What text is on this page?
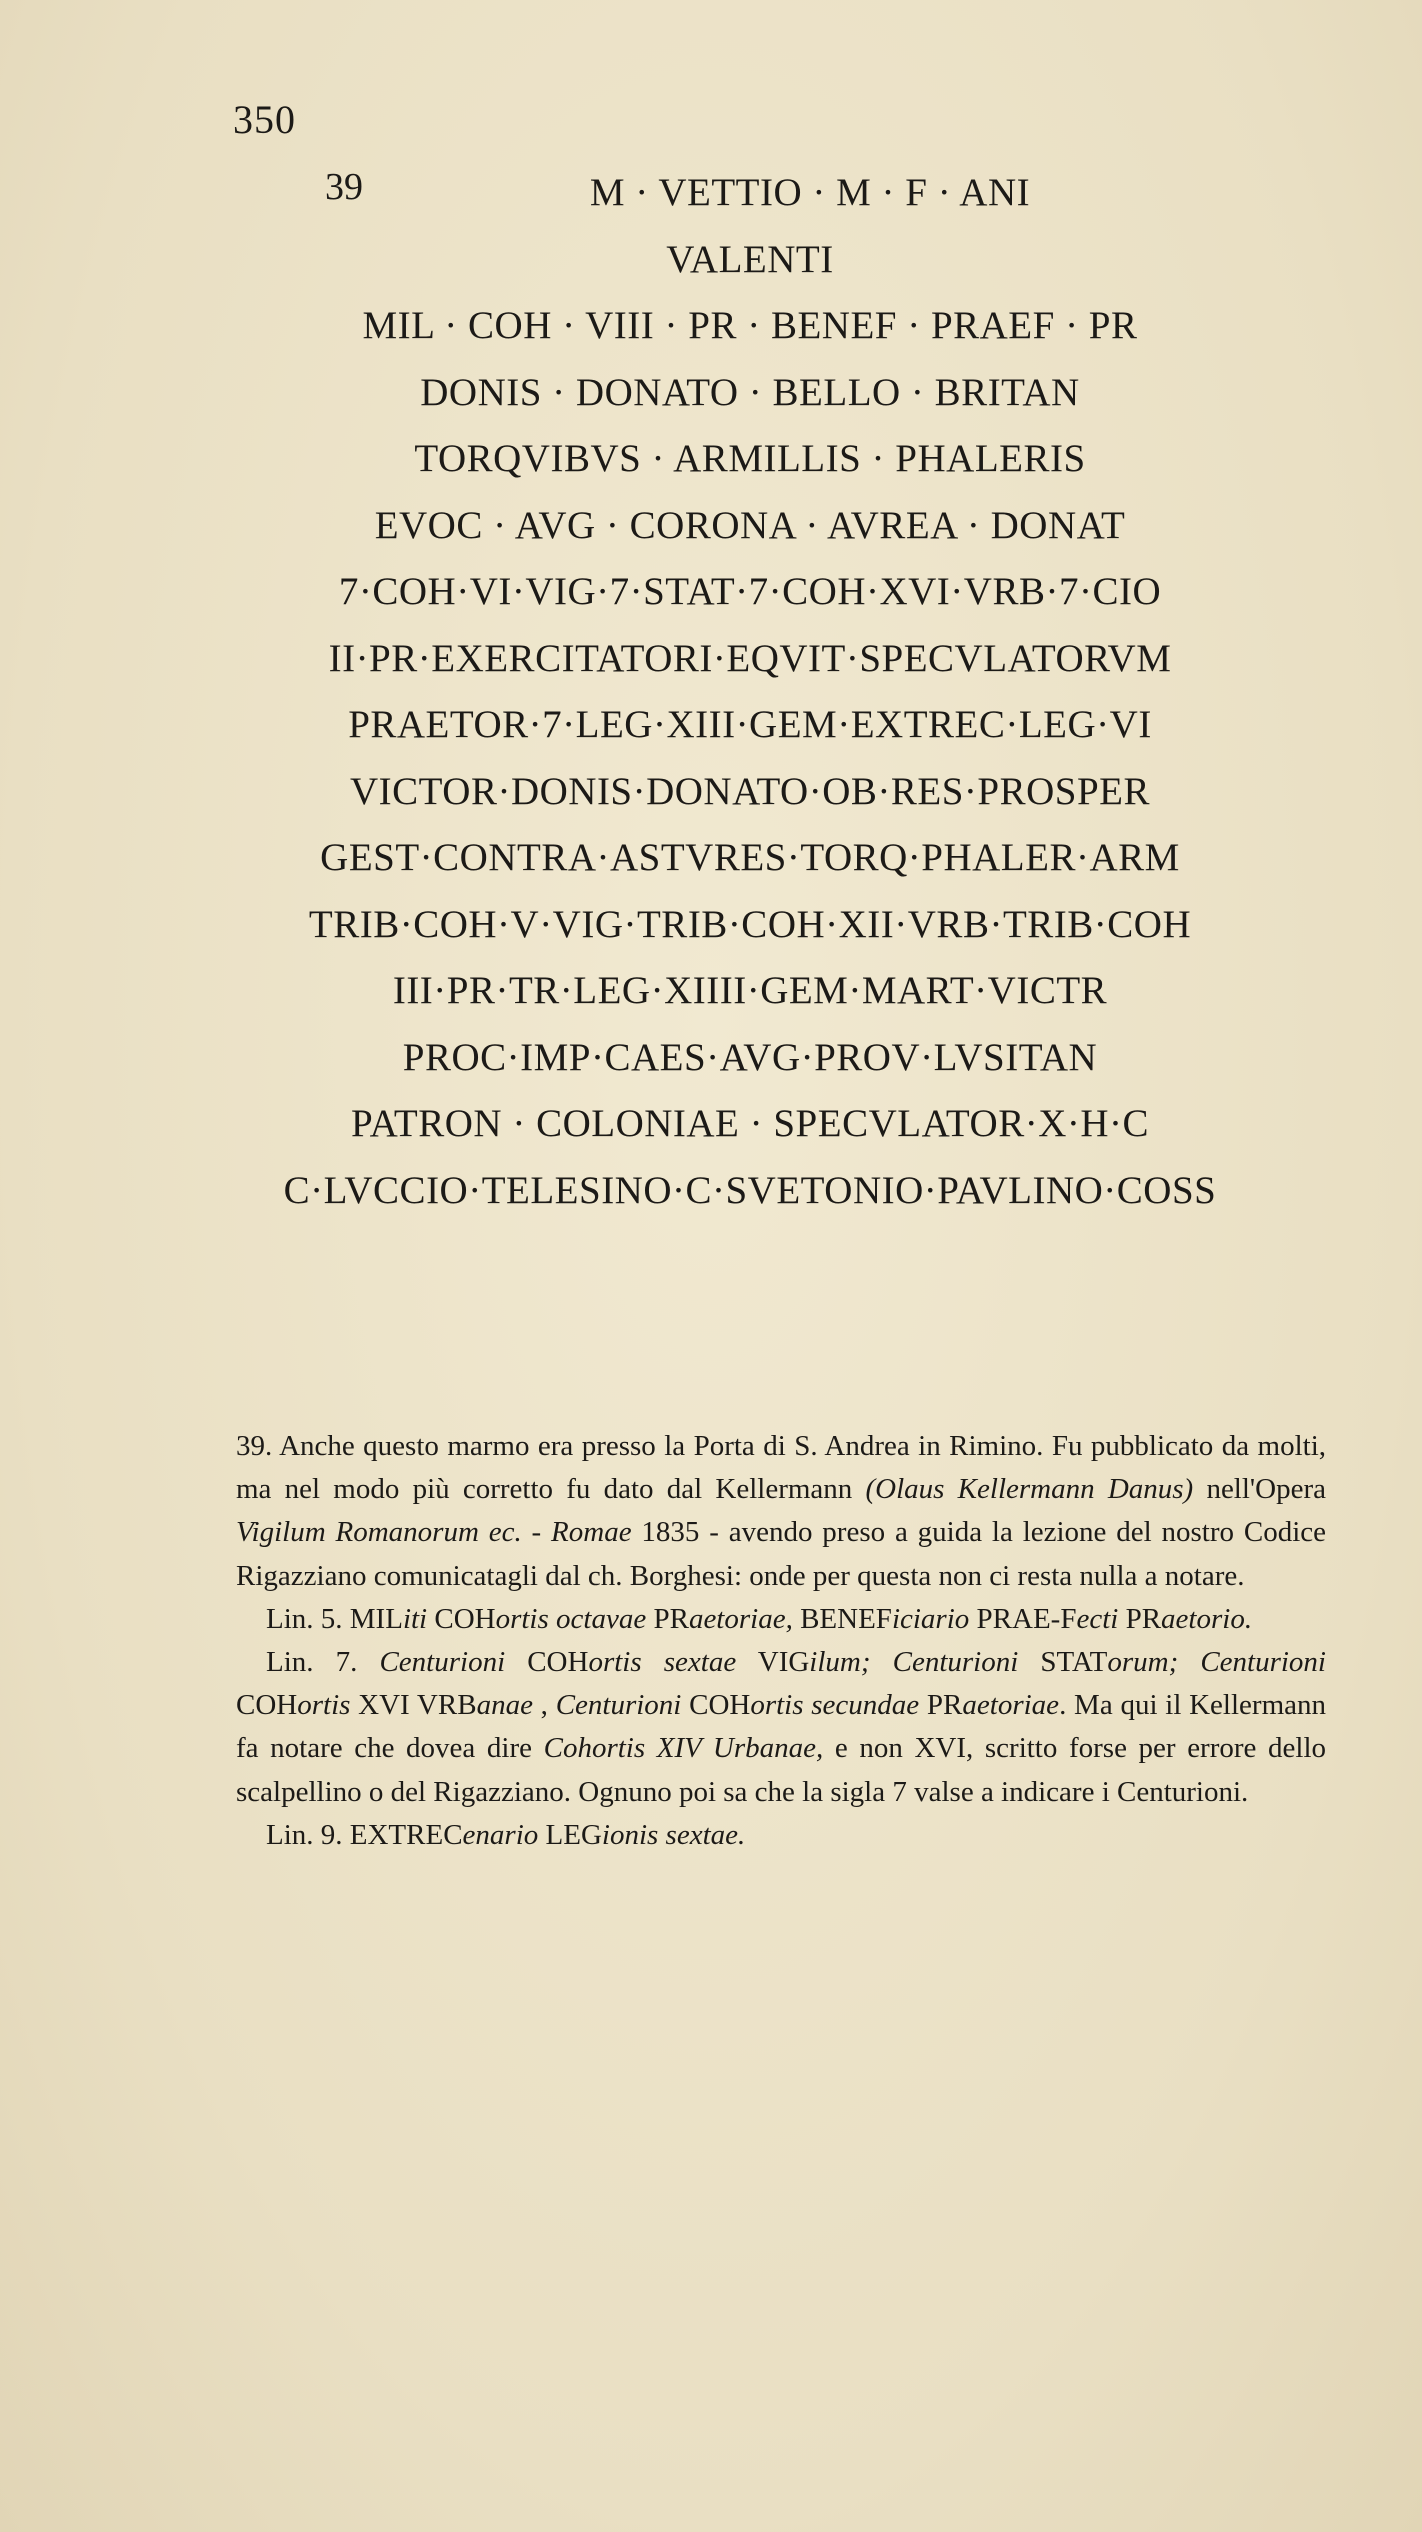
350
39	M · VETTIO · M · F · ANI
VALENTI
MIL · COH · VIII · PR · BENEF · PRAEF · PR
DONIS · DONATO · BELLO · BRITAN
TORQVIBVS · ARMILLIS · PHALERIS
EVOC · AVG · CORONA · AVREA · DONAT
7·COH·VI·VIG·7·STAT·7·COH·XVI·VRB·7·CIO
II·PR·EXERCITATORI·EQVIT·SPECVLATORVM
PRAETOR·7·LEG·XIII·GEM·EXTREC·LEG·VI
VICTOR·DONIS·DONATO·OB·RES·PROSPER
GEST·CONTRA·ASTVRES·TORQ·PHALER·ARM
TRIB·COH·V·VIG·TRIB·COH·XII·VRB·TRIB·COH
III·PR·TR·LEG·XIIII·GEM·MART·VICTR
PROC·IMP·CAES·AVG·PROV·LVSITAN
PATRON · COLONIAE · SPECVLATOR·X·H·C
C·LVCCIO·TELESINO·C·SVETONIO·PAVLINO·COSS

39. Anche questo marmo era presso la Porta di S. Andrea in Rimino. Fu pubblicato da molti, ma nel modo più corretto fu dato dal Kellermann (Olaus Kellermann Danus) nell'Opera Vigilum Romanorum ec. - Romae 1835 - avendo preso a guida la lezione del nostro Codice Rigazziano comunicatagli dal ch. Borghesi: onde per questa non ci resta nulla a notare.

Lin. 5. MILiti COHortis octavae PRaetoriae, BENEFiciario PRAE-Fecti PRaetorio.

Lin. 7. Centurioni COHortis sextae VIGilum; Centurioni STATorum; Centurioni COHortis XVI VRBanae , Centurioni COHortis secundae PRaetoriae. Ma qui il Kellermann fa notare che dovea dire Cohortis XIV Urbanae, e non XVI, scritto forse per errore dello scalpellino o del Rigazziano. Ognuno poi sa che la sigla 7 valse a indicare i Centurioni.

Lin. 9. EXTRECenario LEGionis sextae.
